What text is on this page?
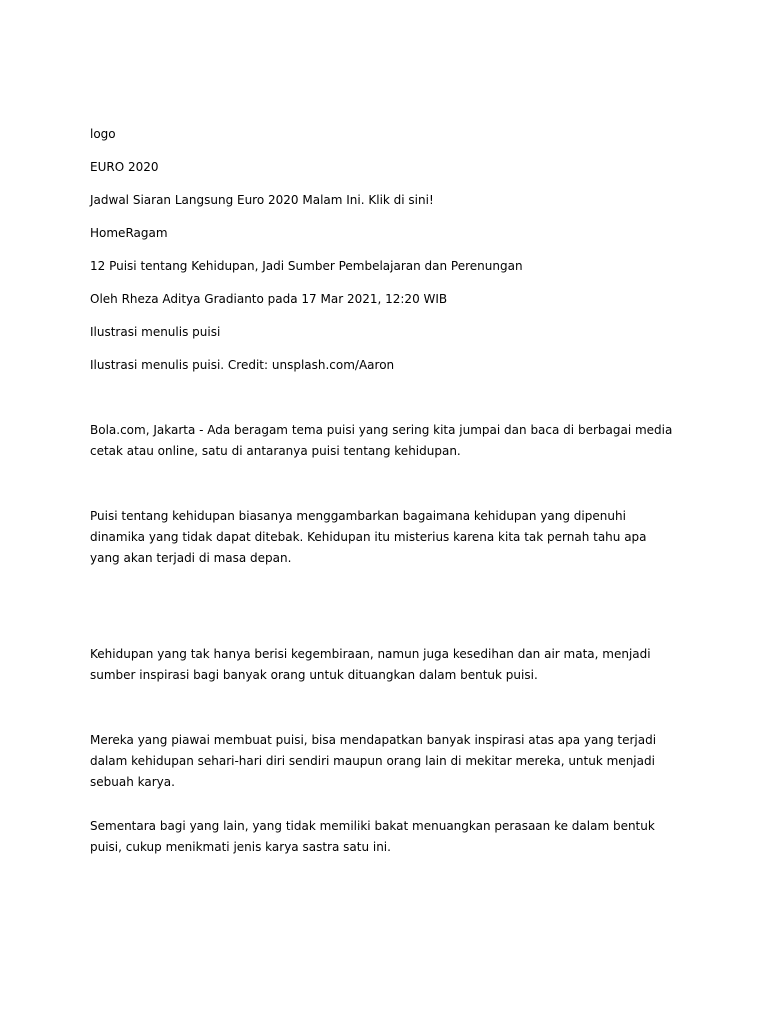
logo

EURO 2020

Jadwal Siaran Langsung Euro 2020 Malam Ini. Klik di sini!

HomeRagam

12 Puisi tentang Kehidupan, Jadi Sumber Pembelajaran dan Perenungan

Oleh Rheza Aditya Gradianto pada 17 Mar 2021, 12:20 WIB

Ilustrasi menulis puisi

Ilustrasi menulis puisi. Credit: unsplash.com/Aaron

Bola.com, Jakarta - Ada beragam tema puisi yang sering kita jumpai dan baca di berbagai media cetak atau online, satu di antaranya puisi tentang kehidupan.

Puisi tentang kehidupan biasanya menggambarkan bagaimana kehidupan yang dipenuhi dinamika yang tidak dapat ditebak. Kehidupan itu misterius karena kita tak pernah tahu apa yang akan terjadi di masa depan.

Kehidupan yang tak hanya berisi kegembiraan, namun juga kesedihan dan air mata, menjadi sumber inspirasi bagi banyak orang untuk dituangkan dalam bentuk puisi.

Mereka yang piawai membuat puisi, bisa mendapatkan banyak inspirasi atas apa yang terjadi dalam kehidupan sehari-hari diri sendiri maupun orang lain di mekitar mereka, untuk menjadi sebuah karya.

Sementara bagi yang lain, yang tidak memiliki bakat menuangkan perasaan ke dalam bentuk puisi, cukup menikmati jenis karya sastra satu ini.
